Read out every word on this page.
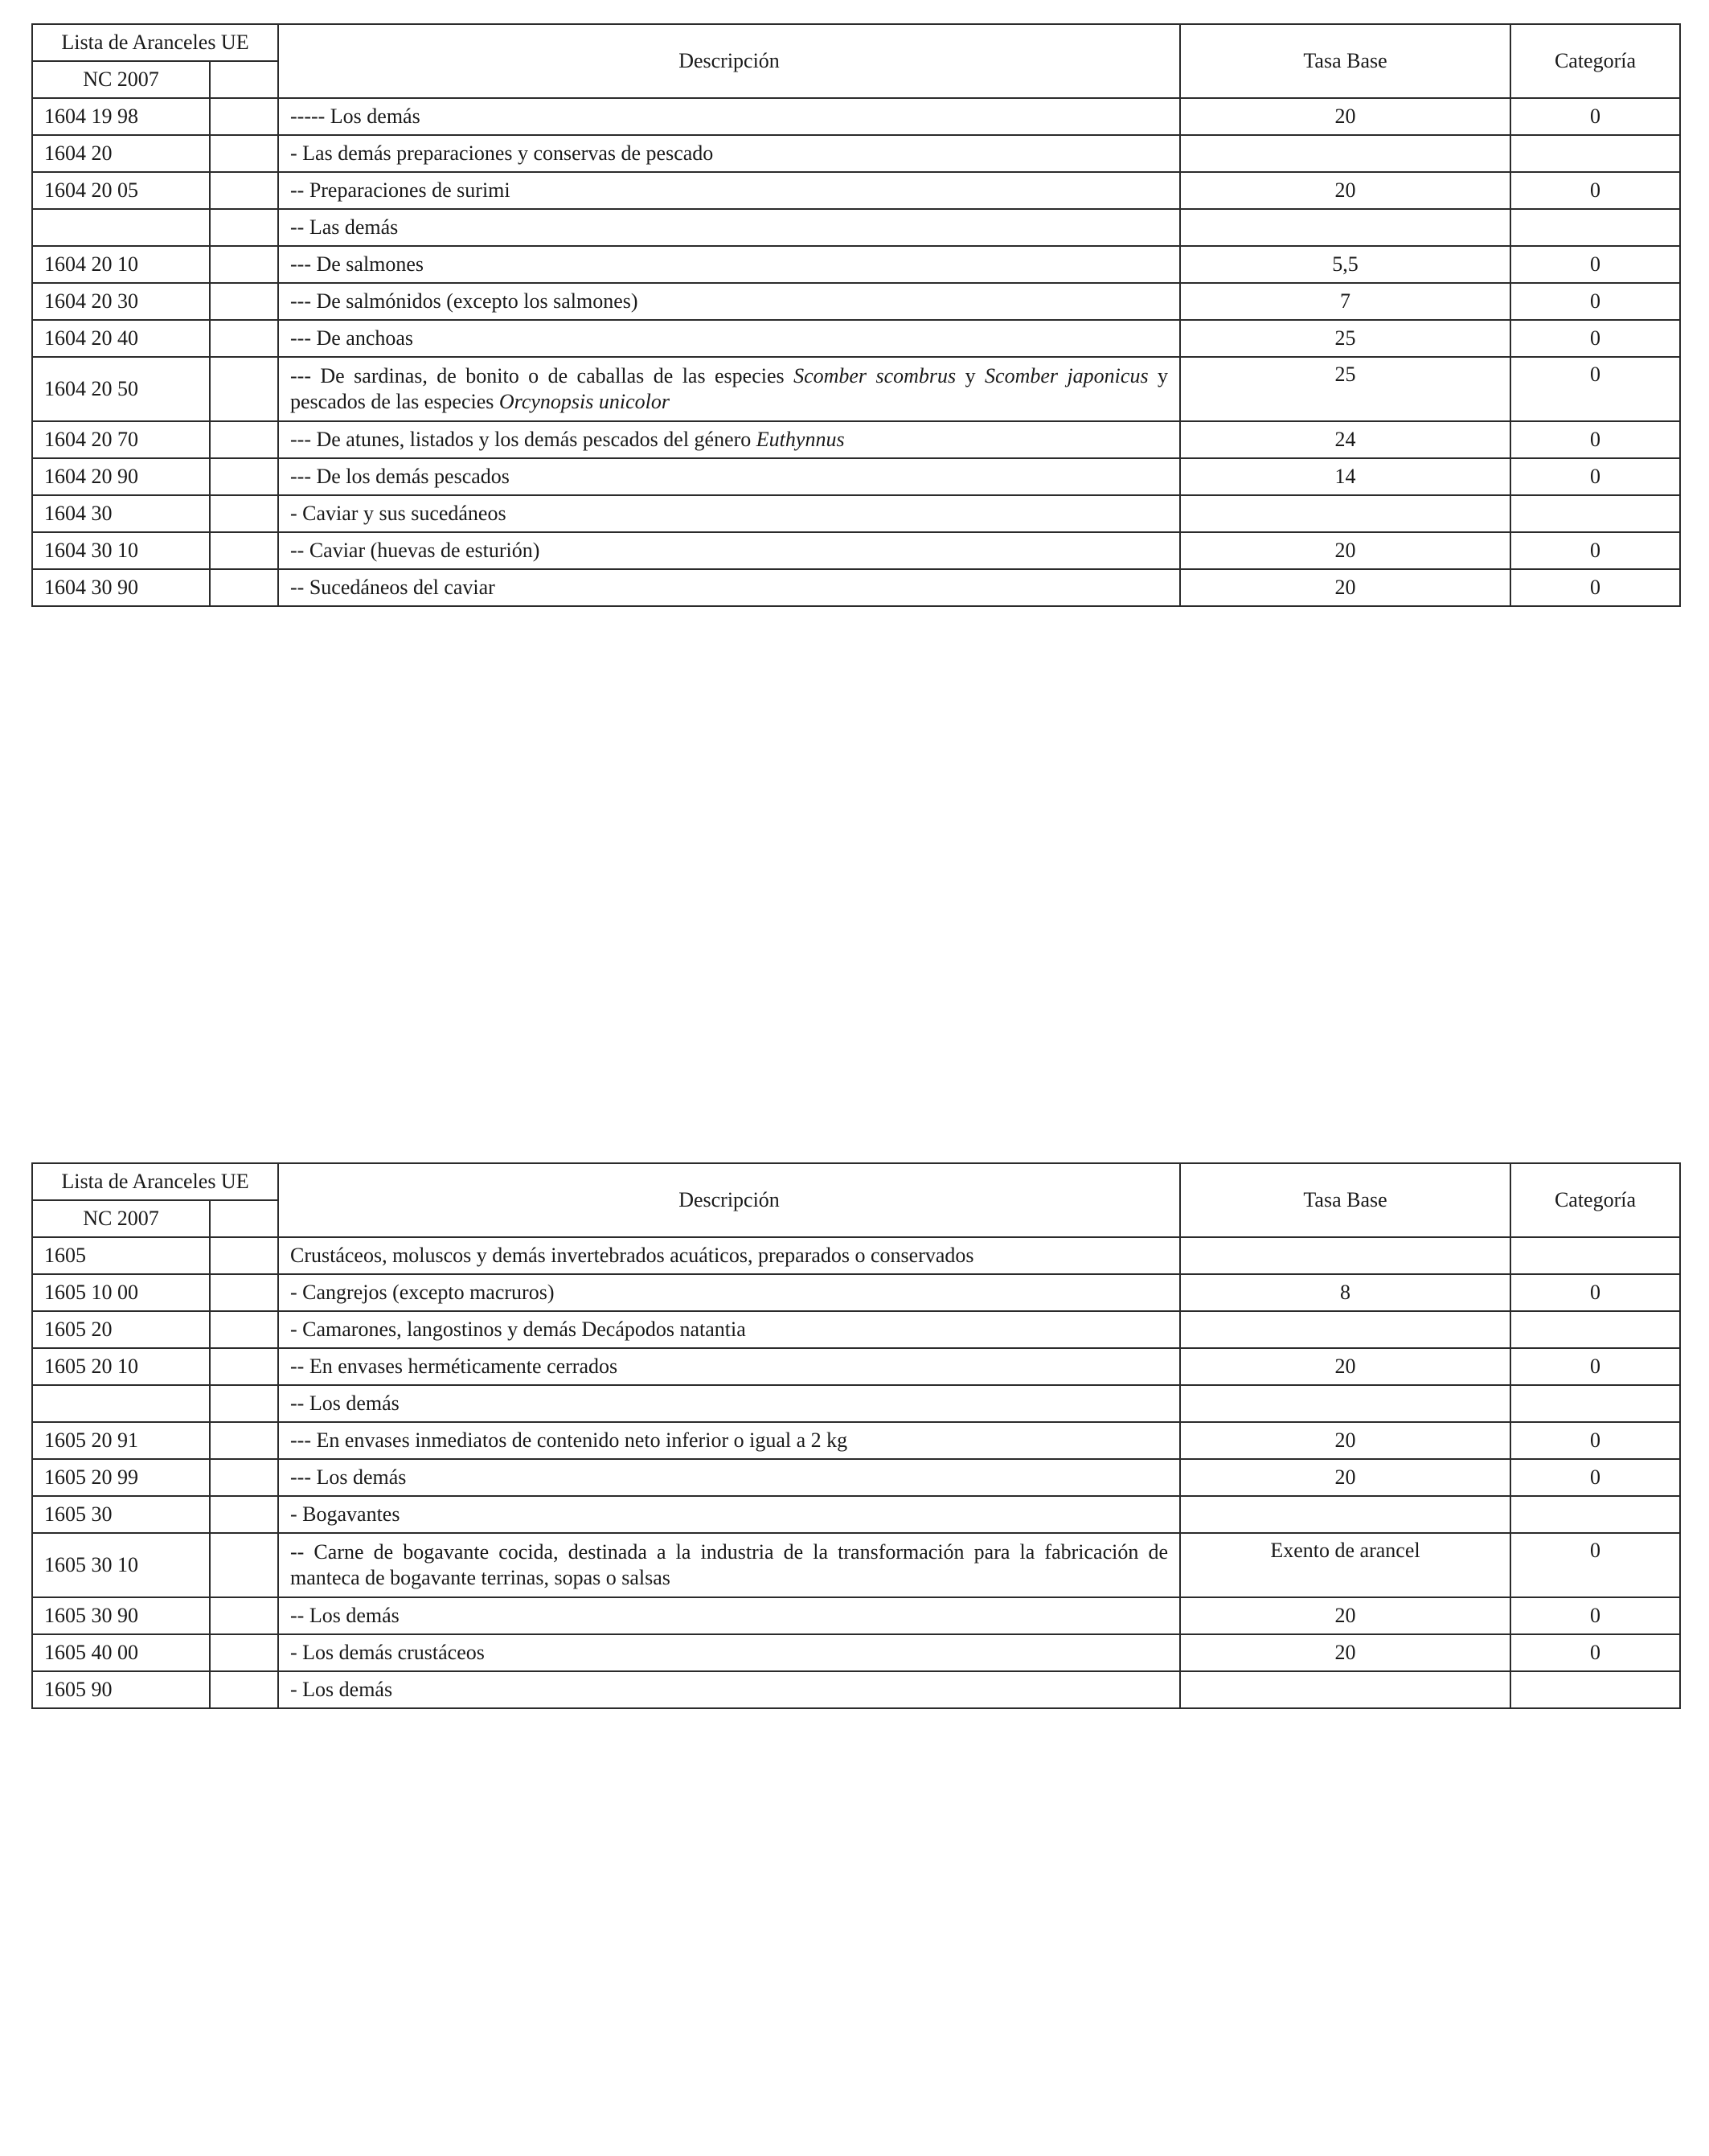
Lista de Aranceles UE		Descripción	Tasa Base	Categoría
NC 2007				
1604 19 98		----- Los demás	20	0
1604 20		- Las demás preparaciones y conservas de pescado		
1604 20 05		-- Preparaciones de surimi	20	0
		-- Las demás		
1604 20 10		--- De salmones	5,5	0
1604 20 30		--- De salmónidos (excepto los salmones)	7	0
1604 20 40		--- De anchoas	25	0
1604 20 50		--- De sardinas, de bonito o de caballas de las especies Scomber scombrus y Scomber japonicus y pescados de las especies Orcynopsis unicolor	25	0
1604 20 70		--- De atunes, listados y los demás pescados del género Euthynnus	24	0
1604 20 90		--- De los demás pescados	14	0
1604 30		- Caviar y sus sucedáneos		
1604 30 10		-- Caviar (huevas de esturión)	20	0
1604 30 90		-- Sucedáneos del caviar	20	0
Lista de Aranceles UE		Descripción	Tasa Base	Categoría
NC 2007				
1605		Crustáceos, moluscos y demás invertebrados acuáticos, preparados o conservados		
1605 10 00		- Cangrejos (excepto macruros)	8	0
1605 20		- Camarones, langostinos y demás Decápodos natantia		
1605 20 10		-- En envases herméticamente cerrados	20	0
		-- Los demás		
1605 20 91		--- En envases inmediatos de contenido neto inferior o igual a 2 kg	20	0
1605 20 99		--- Los demás	20	0
1605 30		- Bogavantes		
1605 30 10		-- Carne de bogavante cocida, destinada a la industria de la transformación para la fabricación de manteca de bogavante terrinas, sopas o salsas	Exento de arancel	0
1605 30 90		-- Los demás	20	0
1605 40 00		- Los demás crustáceos	20	0
1605 90		- Los demás		
